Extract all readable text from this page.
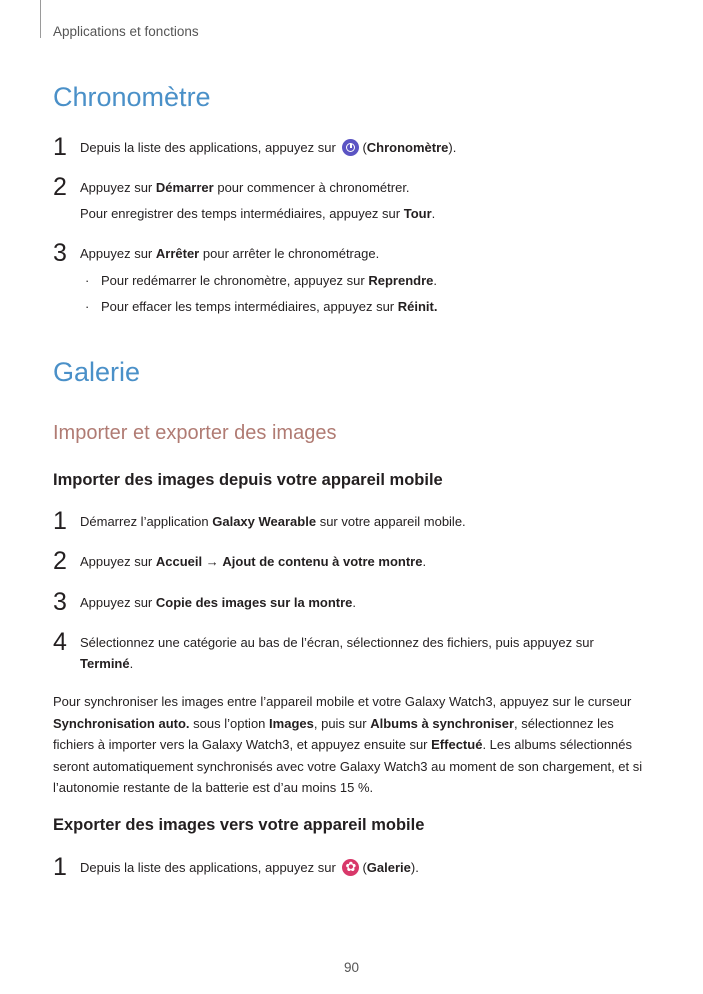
Applications et fonctions
Chronomètre
1 Depuis la liste des applications, appuyez sur (Chronomètre).
2 Appuyez sur Démarrer pour commencer à chronométrer.
Pour enregistrer des temps intermédiaires, appuyez sur Tour.
3 Appuyez sur Arrêter pour arrêter le chronométrage.
· Pour redémarrer le chronomètre, appuyez sur Reprendre.
· Pour effacer les temps intermédiaires, appuyez sur Réinit.
Galerie
Importer et exporter des images
Importer des images depuis votre appareil mobile
1 Démarrez l’application Galaxy Wearable sur votre appareil mobile.
2 Appuyez sur Accueil → Ajout de contenu à votre montre.
3 Appuyez sur Copie des images sur la montre.
4 Sélectionnez une catégorie au bas de l’écran, sélectionnez des fichiers, puis appuyez sur Terminé.
Pour synchroniser les images entre l’appareil mobile et votre Galaxy Watch3, appuyez sur le curseur Synchronisation auto. sous l’option Images, puis sur Albums à synchroniser, sélectionnez les fichiers à importer vers la Galaxy Watch3, et appuyez ensuite sur Effectué. Les albums sélectionnés seront automatiquement synchronisés avec votre Galaxy Watch3 au moment de son chargement, et si l’autonomie restante de la batterie est d’au moins 15 %.
Exporter des images vers votre appareil mobile
1 Depuis la liste des applications, appuyez sur ✿ (Galerie).
90
